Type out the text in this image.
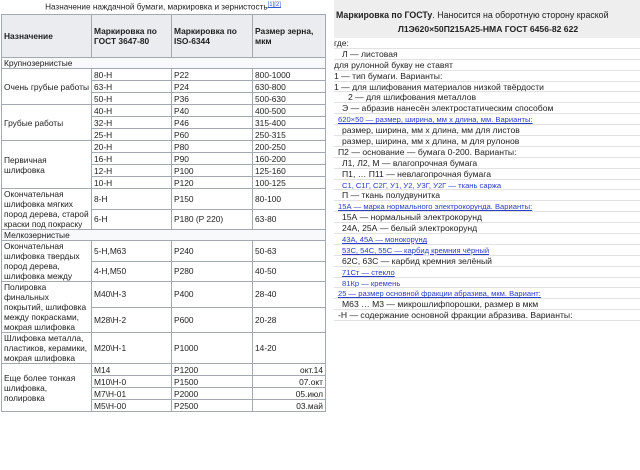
Назначение наждачной бумаги, маркировка и зернистость[1][2]
Назначение	Маркировка по ГОСТ 3647-80	Маркировка по ISO-6344	Размер зерна, мкм
Крупнозернистые			
Очень грубые работы	80-Н	P22	800-1000
	63-Н	P24	630-800
	50-Н	P36	500-630
Грубые работы	40-Н	P40	400-500
	32-Н	P46	315-400
	25-Н	P60	250-315
Первичная шлифовка	20-Н	P80	200-250
	16-Н	P90	160-200
	12-Н	P100	125-160
	10-Н	P120	100-125
Окончательная шлифовка мягких пород дерева, старой краски под покраску	8-Н	P150	80-100
	6-Н	P180 (P 220)	63-80
Мелкозернистые			
Окончательная шлифовка твердых пород дерева, шлифовка между	5-Н,М63	P240	50-63
	4-Н,М50	P280	40-50
Полировка финальных покрытий, шлифовка между покрасками, мокрая шлифовка	М40\Н-3	P400	28-40
	М28\Н-2	P600	20-28
Шлифовка металла, пластиков, керамики, мокрая шлифовка	М20\Н-1	P1000	14-20
Еще более тонкая шлифовка, полировка	М14	P1200	окт.14
	М10\Н-0	P1500	07.окт
	М7\Н-01	P2000	05.июл
	М5\Н-00	P2500	03.май
Маркировка по ГОСТу. Наносится на оборотную сторону краской
Л1Э620×50П215А25-НМА ГОСТ 6456-82 622
где:
Л — листовая
для рулонной букву не ставят
1 — тип бумаги. Варианты:
1 — для шлифования материалов низкой твёрдости
2 — для шлифования металлов
Э — абразив нанесён электростатическим способом
620×50 — размер, ширина, мм х длина, мм. Варианты:
размер, ширина, мм х длина, мм для листов
размер, ширина, мм х длина, м для рулонов
П2 — основание — бумага 0-200. Варианты:
Л1, Л2, М — влагопрочная бумага
П1, … П11 — невлагопрочная бумага
С1, С1Г, С2Г, У1, У2, У3Г, У2Г — ткань саржа
П — ткань полудвунитка
15А — марка нормального электрокорунда. Варианты:
15А — нормальный электрокорунд
24А, 25А — белый электрокорунд
43А, 45А — монокорунд
53С, 54С, 55С — карбид кремния чёрный
62С, 63С — карбид кремния зелёный
71Ст — стекло
81Кр — кремень
25 — размер основной фракции абразива, мкм. Вариант:
М63 … М3 — микрошлифпорошки, размер в мкм
-Н — содержание основной фракции абразива. Варианты:
